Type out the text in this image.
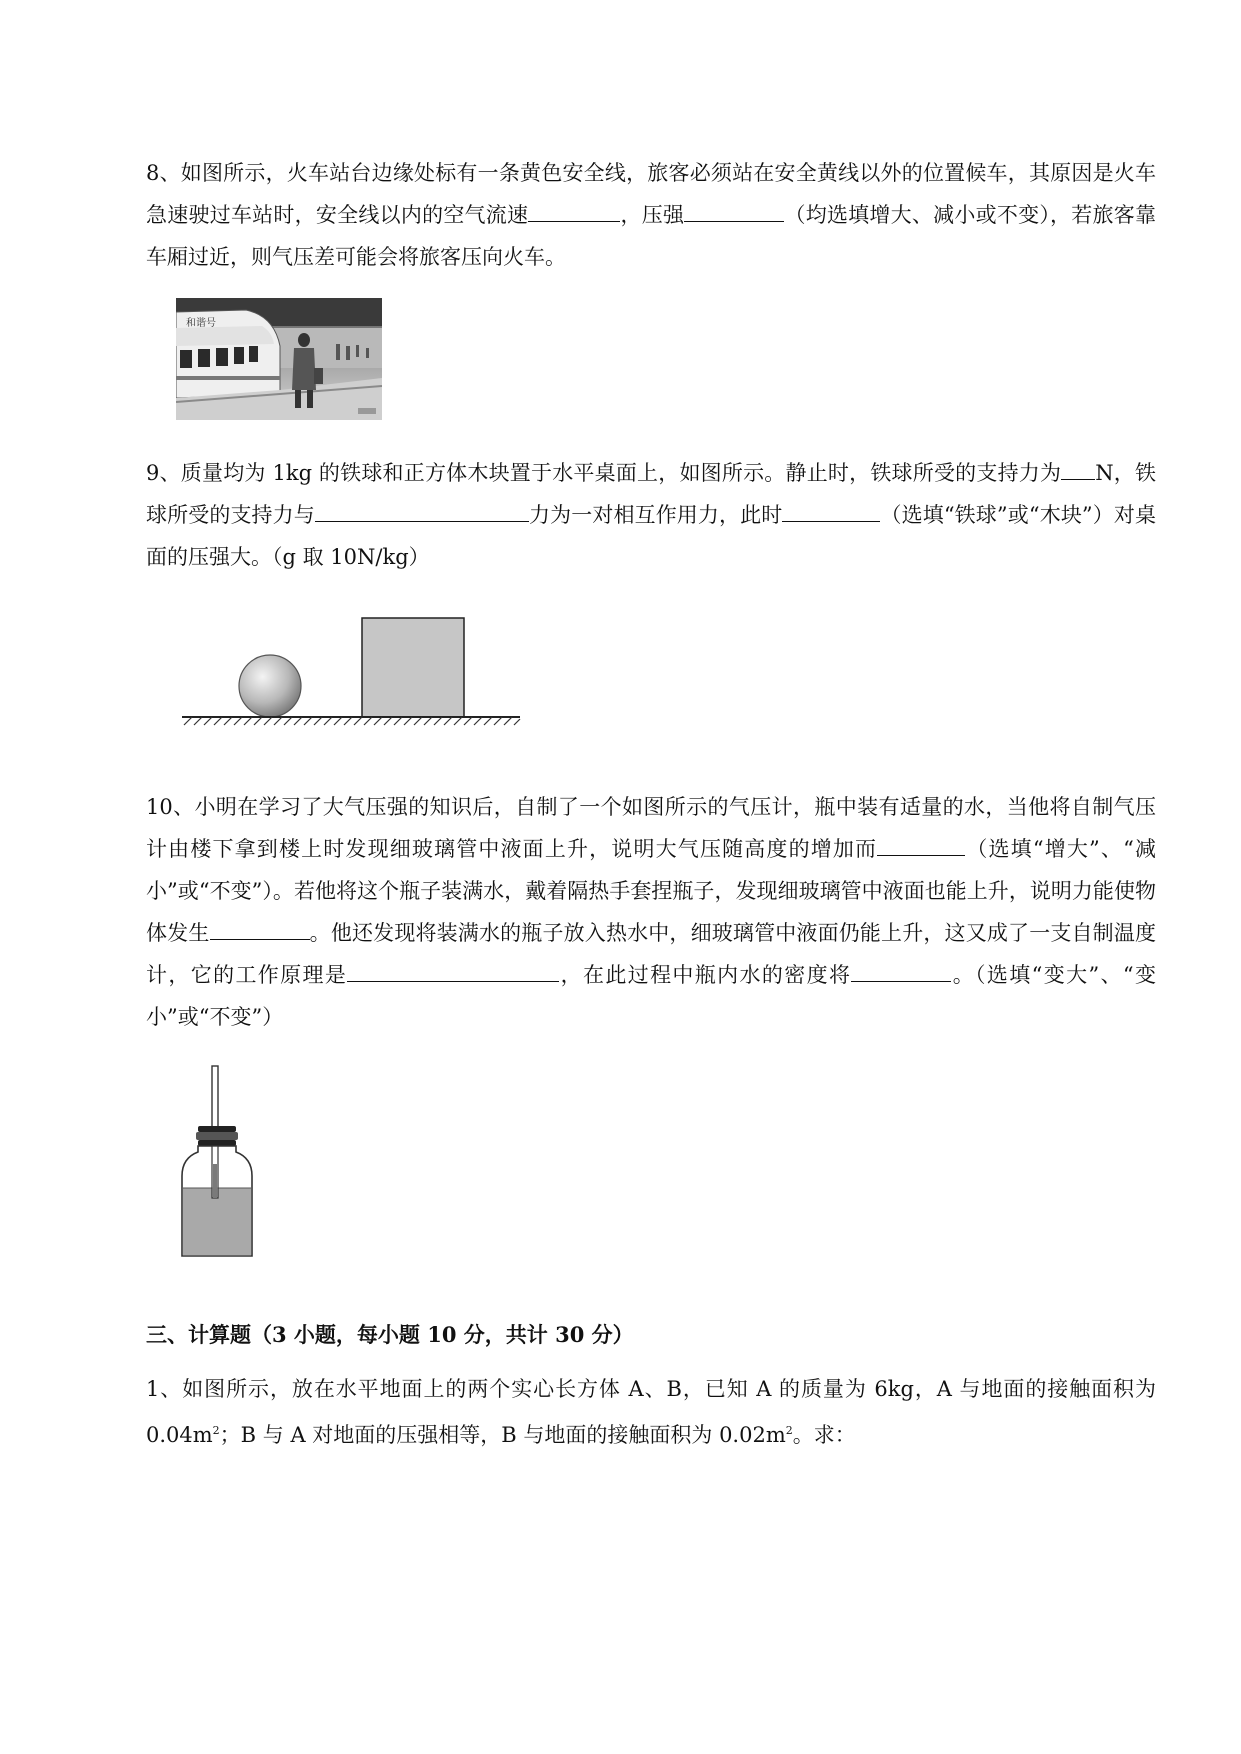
8、如图所示，火车站台边缘处标有一条黄色安全线，旅客必须站在安全黄线以外的位置候车，其原因是火车急速驶过车站时，安全线以内的空气流速	，压强	（均选填增大、减小或不变），若旅客靠车厢过近，则气压差可能会将旅客压向火车。

和谐号

9、质量均为 1kg 的铁球和正方体木块置于水平桌面上，如图所示。静止时，铁球所受的支持力为 N，铁球所受的支持力与	力为一对相互作用力，此时	（选填“铁球”或“木块”）对桌面的压强大。（g 取 10N/kg）

10、小明在学习了大气压强的知识后，自制了一个如图所示的气压计，瓶中装有适量的水，当他将自制气压计由楼下拿到楼上时发现细玻璃管中液面上升，说明大气压随高度的增加而	（选填“增大”、“减小”或“不变”）。若他将这个瓶子装满水，戴着隔热手套捏瓶子，发现细玻璃管中液面也能上升，说明力能使物体发生	。他还发现将装满水的瓶子放入热水中，细玻璃管中液面仍能上升，这又成了一支自制温度计，它的工作原理是	，在此过程中瓶内水的密度将	。（选填“变大”、“变小”或“不变”）

三、计算题（3 小题，每小题 10 分，共计 30 分）

1、如图所示，放在水平地面上的两个实心长方体 A、B，已知 A 的质量为 6kg，A 与地面的接触面积为 $0.04m^2$；B 与 A 对地面的压强相等，B 与地面的接触面积为 $0.02m^2$。求：
